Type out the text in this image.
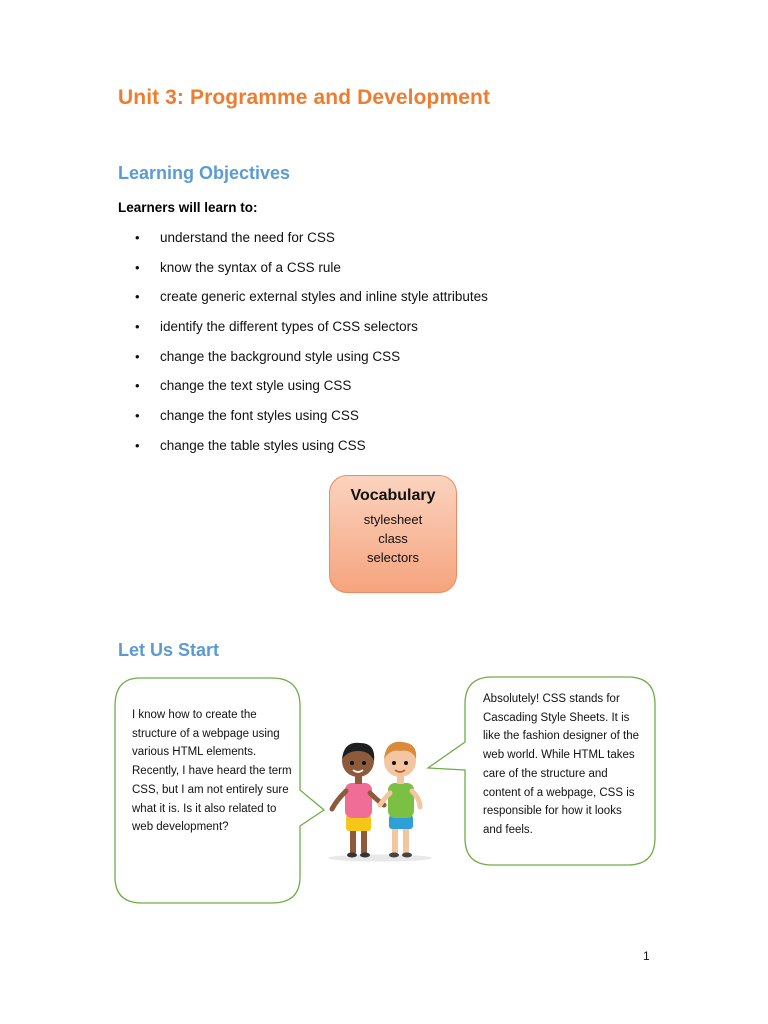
Unit 3: Programme and Development
Learning Objectives

Learners will learn to:

• understand the need for CSS
• know the syntax of a CSS rule
• create generic external styles and inline style attributes
• identify the different types of CSS selectors
• change the background style using CSS
• change the text style using CSS
• change the font styles using CSS
• change the table styles using CSS
Vocabulary
stylesheet
class
selectors
Let Us Start

I know how to create the structure of a webpage using various HTML elements. Recently, I have heard the term CSS, but I am not entirely sure what it is. Is it also related to web development?

Absolutely! CSS stands for Cascading Style Sheets. It is like the fashion designer of the web world. While HTML takes care of the structure and content of a webpage, CSS is responsible for how it looks and feels.

1
